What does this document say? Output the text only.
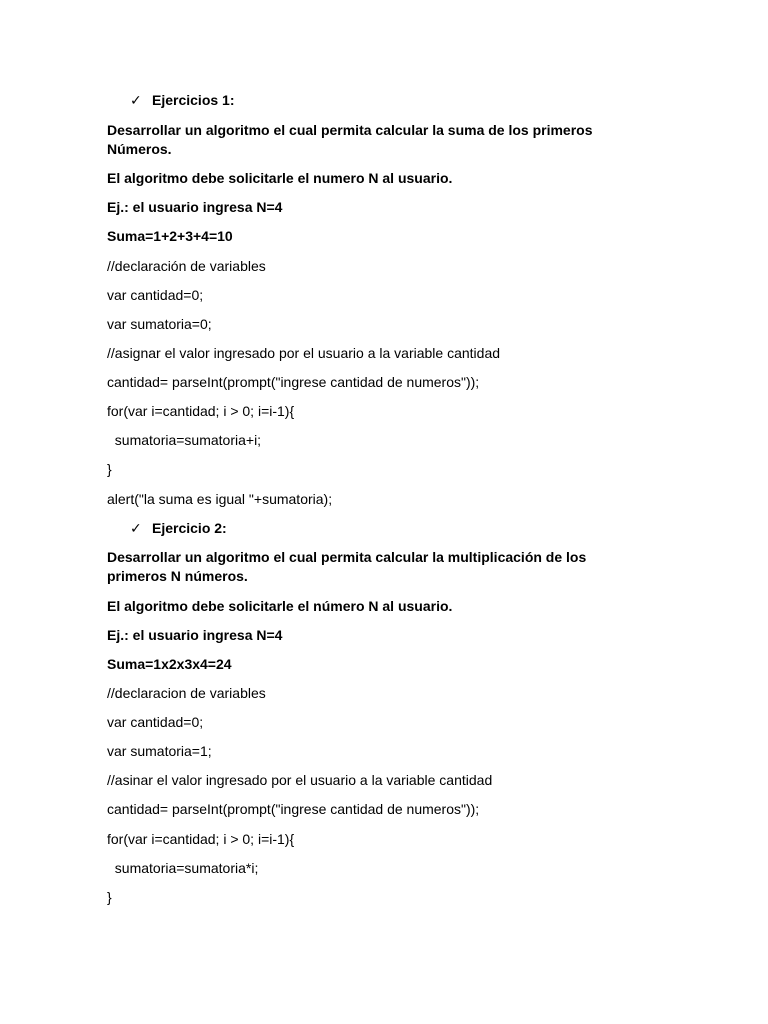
✓ Ejercicios 1:
Desarrollar un algoritmo el cual permita calcular la suma de los primeros
Números.
El algoritmo debe solicitarle el numero N al usuario.
Ej.: el usuario ingresa N=4
Suma=1+2+3+4=10
//declaración de variables
var cantidad=0;
var sumatoria=0;
//asignar el valor ingresado por el usuario a la variable cantidad
cantidad= parseInt(prompt("ingrese cantidad de numeros"));
for(var i=cantidad; i > 0; i=i-1){
sumatoria=sumatoria+i;
}
alert("la suma es igual "+sumatoria);
✓ Ejercicio 2:
Desarrollar un algoritmo el cual permita calcular la multiplicación de los
primeros N números.
El algoritmo debe solicitarle el número N al usuario.
Ej.: el usuario ingresa N=4
Suma=1x2x3x4=24
//declaracion de variables
var cantidad=0;
var sumatoria=1;
//asinar el valor ingresado por el usuario a la variable cantidad
cantidad= parseInt(prompt("ingrese cantidad de numeros"));
for(var i=cantidad; i > 0; i=i-1){
sumatoria=sumatoria*i;
}
